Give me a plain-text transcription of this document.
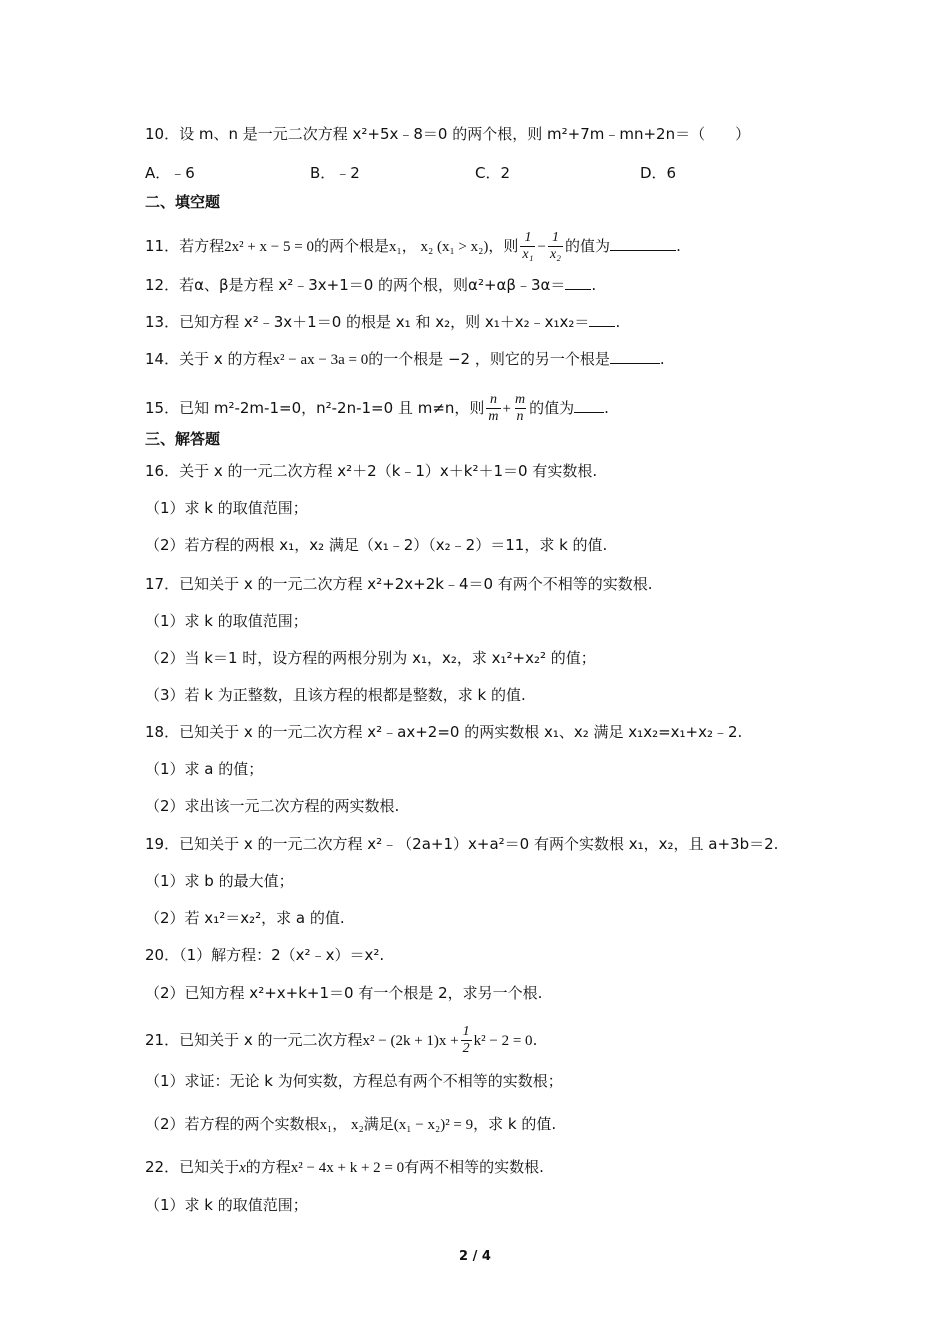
10．设 m、n 是一元二次方程 x²+5x﹣8＝0 的两个根，则 m²+7m﹣mn+2n＝（　　）
A．﹣6	B．﹣2	C．2	D．6
二、填空题
11．若方程2x² + x − 5 = 0的两个根是x₁， x₂ (x₁ > x₂)，则 $\frac{1}{\text{x₁}} - \frac{1}{\text{x₂}}$ 的值为	.
12．若α、β是方程 x²﹣3x+1＝0 的两个根，则α²+αβ﹣3α＝ .
13．已知方程 x²﹣3x＋1＝0 的根是 x₁ 和 x₂，则 x₁＋x₂﹣x₁x₂＝ .
14．关于 x 的方程x² − ax − 3a = 0的一个根是 −2 ，则它的另一个根是	.
15．已知 m²-2m-1=0，n²-2n-1=0 且 m≠n，则 $\frac{n}{m} + \frac{m}{n}$ 的值为 .
三、解答题
16．关于 x 的一元二次方程 x²＋2（k﹣1）x＋k²＋1＝0 有实数根.
（1）求 k 的取值范围；
（2）若方程的两根 x₁，x₂ 满足（x₁﹣2）（x₂﹣2）＝11，求 k 的值.
17．已知关于 x 的一元二次方程 x²+2x+2k﹣4＝0 有两个不相等的实数根.
（1）求 k 的取值范围；
（2）当 k＝1 时，设方程的两根分别为 x₁，x₂，求 x₁²+x₂² 的值；
（3）若 k 为正整数，且该方程的根都是整数，求 k 的值.
18．已知关于 x 的一元二次方程 x²﹣ax+2=0 的两实数根 x₁、x₂ 满足 x₁x₂=x₁+x₂﹣2.
（1）求 a 的值；
（2）求出该一元二次方程的两实数根.
19．已知关于 x 的一元二次方程 x²﹣（2a+1）x+a²＝0 有两个实数根 x₁，x₂，且 a+3b＝2.
（1）求 b 的最大值；
（2）若 x₁²＝x₂²，求 a 的值.
20．（1）解方程：2（x²﹣x）＝x².
（2）已知方程 x²+x+k+1＝0 有一个根是 2，求另一个根.
21．已知关于 x 的一元二次方程$x^2 - (2k + 1)x + \frac{1}{2} k^2 - 2 = 0$.
（1）求证：无论 k 为何实数，方程总有两个不相等的实数根；
（2）若方程的两个实数根x₁， x₂满足(x₁ − x₂)² = 9，求 k 的值.
22．已知关于x的方程x² − 4x + k + 2 = 0有两不相等的实数根.
（1）求 k 的取值范围；
2 / 4
